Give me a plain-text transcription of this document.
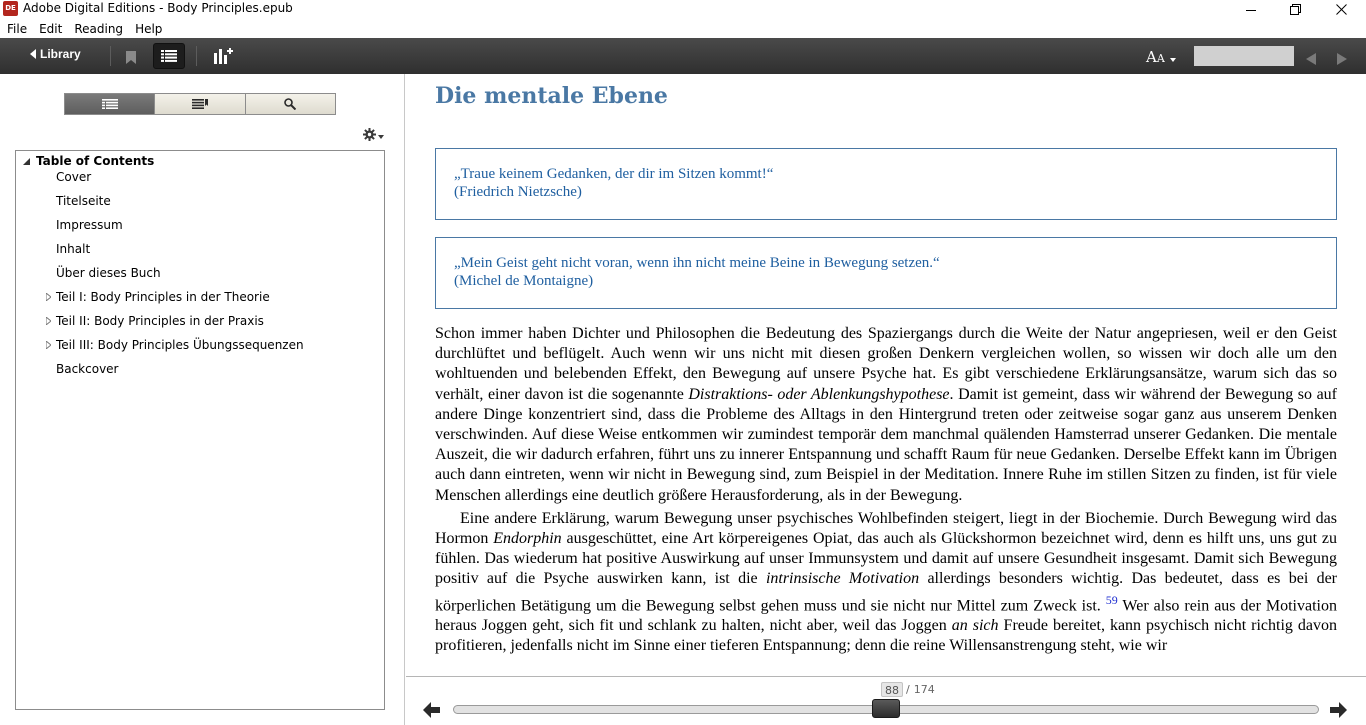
DE Adobe Digital Editions - Body Principles.epub
File Edit Reading Help
Library	AA
Table of Contents
Cover
Titelseite
Impressum
Inhalt
Über dieses Buch
Teil I: Body Principles in der Theorie
Teil II: Body Principles in der Praxis
Teil III: Body Principles Übungssequenzen
Backcover
Die mentale Ebene
„Traue keinem Gedanken, der dir im Sitzen kommt!“
(Friedrich Nietzsche)
„Mein Geist geht nicht voran, wenn ihn nicht meine Beine in Bewegung setzen.“
(Michel de Montaigne)

Schon immer haben Dichter und Philosophen die Bedeutung des Spaziergangs durch die Weite der Natur angepriesen, weil er den Geist durchlüftet und beflügelt. Auch wenn wir uns nicht mit diesen großen Denkern vergleichen wollen, so wissen wir doch alle um den wohltuenden und belebenden Effekt, den Bewegung auf unsere Psyche hat. Es gibt verschiedene Erklärungsansätze, warum sich das so verhält, einer davon ist die sogenannte Distraktions- oder Ablenkungshypothese. Damit ist gemeint, dass wir während der Bewegung so auf andere Dinge konzentriert sind, dass die Probleme des Alltags in den Hintergrund treten oder zeitweise sogar ganz aus unserem Denken verschwinden. Auf diese Weise entkommen wir zumindest temporär dem manchmal quälenden Hamsterrad unserer Gedanken. Die mentale Auszeit, die wir dadurch erfahren, führt uns zu innerer Entspannung und schafft Raum für neue Gedanken. Derselbe Effekt kann im Übrigen auch dann eintreten, wenn wir nicht in Bewegung sind, zum Beispiel in der Meditation. Innere Ruhe im stillen Sitzen zu finden, ist für viele Menschen allerdings eine deutlich größere Herausforderung, als in der Bewegung.

Eine andere Erklärung, warum Bewegung unser psychisches Wohlbefinden steigert, liegt in der Biochemie. Durch Bewegung wird das Hormon Endorphin ausgeschüttet, eine Art körpereigenes Opiat, das auch als Glückshormon bezeichnet wird, denn es hilft uns, uns gut zu fühlen. Das wiederum hat positive Auswirkung auf unser Immunsystem und damit auf unsere Gesundheit insgesamt. Damit sich Bewegung positiv auf die Psyche auswirken kann, ist die intrinsische Motivation allerdings besonders wichtig. Das bedeutet, dass es bei der körperlichen Betätigung um die Bewegung selbst gehen muss und sie nicht nur Mittel zum Zweck ist. $^{59}$ Wer also rein aus der Motivation heraus Joggen geht, sich fit und schlank zu halten, nicht aber, weil das Joggen an sich Freude bereitet, kann psychisch nicht richtig davon profitieren, jedenfalls nicht im Sinne einer tieferen Entspannung; denn die reine Willensanstrengung steht, wie wir

88 / 174
